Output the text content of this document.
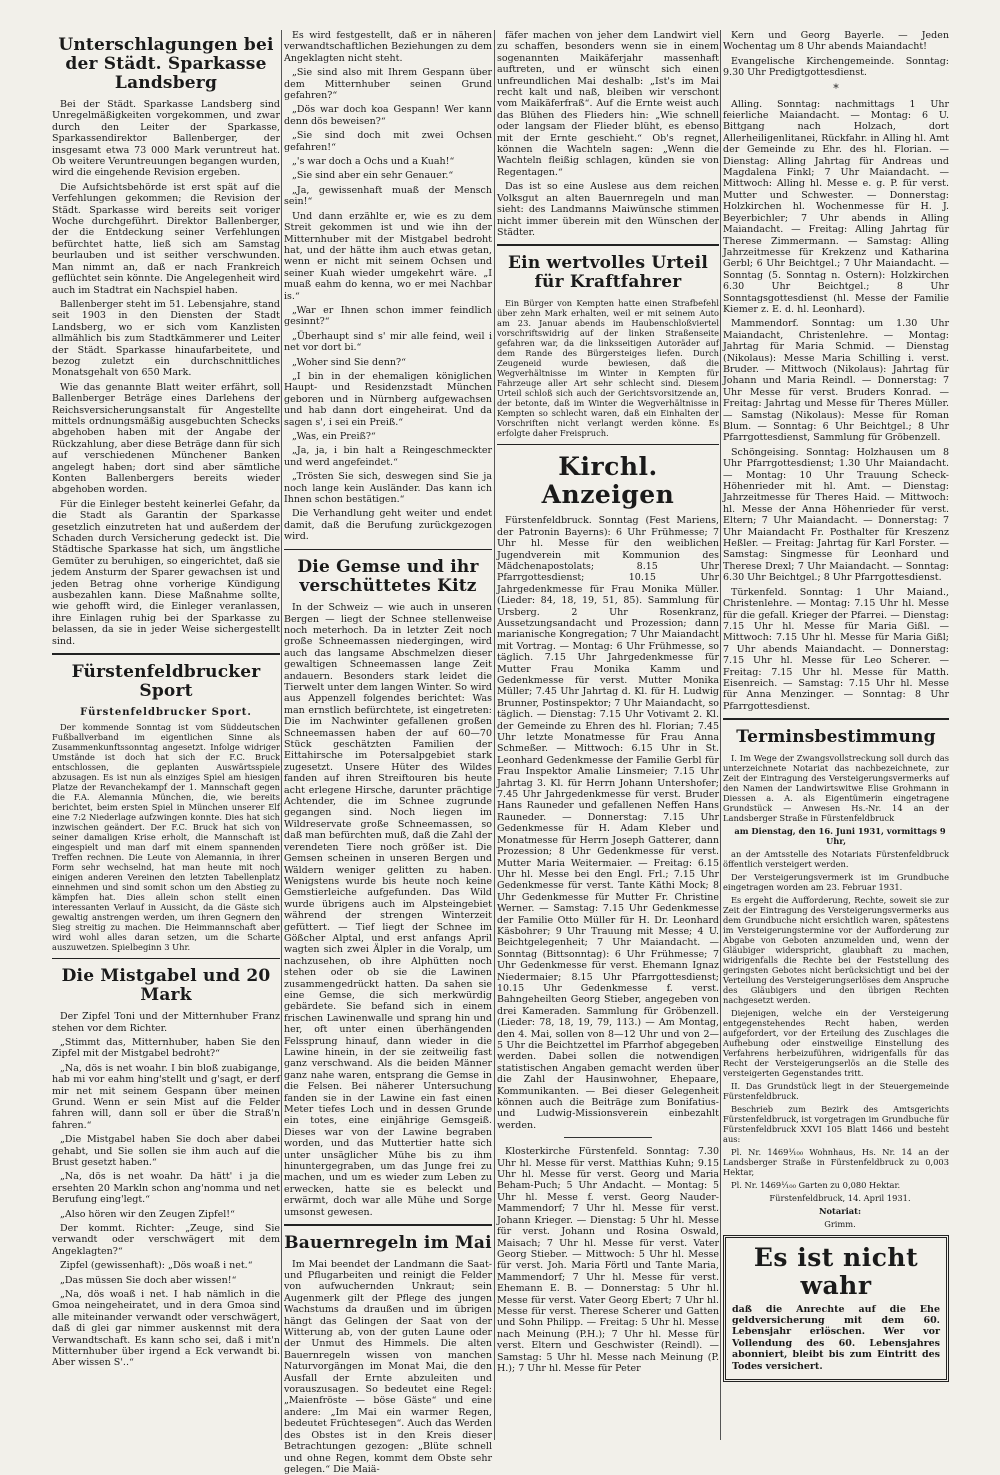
Unterschlagungen bei der Städt. Sparkasse Landsberg

Bei der Städt. Sparkasse Landsberg sind Unregelmäßigkeiten vorgekommen, und zwar durch den Leiter der Sparkasse, Sparkassendirektor Ballenberger, der insgesamt etwa 73 000 Mark veruntreut hat. Ob weitere Veruntreuungen begangen wurden, wird die eingehende Revision ergeben.

Die Aufsichtsbehörde ist erst spät auf die Verfehlungen gekommen; die Revision der Städt. Sparkasse wird bereits seit voriger Woche durchgeführt. Direktor Ballenberger, der die Entdeckung seiner Verfehlungen befürchtet hatte, ließ sich am Samstag beurlauben und ist seither verschwunden. Man nimmt an, daß er nach Frankreich geflüchtet sein könnte. Die Angelegenheit wird auch im Stadtrat ein Nachspiel haben.

Ballenberger steht im 51. Lebensjahre, stand seit 1903 in den Diensten der Stadt Landsberg, wo er sich vom Kanzlisten allmählich bis zum Stadtkämmerer und Leiter der Städt. Sparkasse hinaufarbeitete, und bezog zuletzt ein durchschnittliches Monatsgehalt von 650 Mark.

Wie das genannte Blatt weiter erfährt, soll Ballenberger Beträge eines Darlehens der Reichsversicherungsanstalt für Angestellte mittels ordnungsmäßig ausgebuchten Schecks abgehoben haben mit der Angabe der Rückzahlung, aber diese Beträge dann für sich auf verschiedenen Münchener Banken angelegt haben; dort sind aber sämtliche Konten Ballenbergers bereits wieder abgehoben worden.

Für die Einleger besteht keinerlei Gefahr, da die Stadt als Garantin der Sparkasse gesetzlich einzutreten hat und außerdem der Schaden durch Versicherung gedeckt ist. Die Städtische Sparkasse hat sich, um ängstliche Gemüter zu beruhigen, so eingerichtet, daß sie jedem Ansturm der Sparer gewachsen ist und jeden Betrag ohne vorherige Kündigung ausbezahlen kann. Diese Maßnahme sollte, wie gehofft wird, die Einleger veranlassen, ihre Einlagen ruhig bei der Sparkasse zu belassen, da sie in jeder Weise sichergestellt sind.

Fürstenfeldbrucker Sport
Fürstenfeldbrucker Sport.

Der kommende Sonntag ist vom Süddeutschen Fußballverband im eigentlichen Sinne als Zusammenkunftssonntag angesetzt. Infolge widriger Umstände ist doch hat sich der F.C. Bruck entschlossen, die geplanten Auswärtsspiele abzusagen. Es ist nun als einziges Spiel am hiesigen Platze der Revanchekampf der 1. Mannschaft gegen die F.A. Alemannia München, die, wie bereits berichtet, beim ersten Spiel in München unserer Elf eine 7:2 Niederlage aufzwingen konnte. Dies hat sich inzwischen geändert. Der F.C. Bruck hat sich von seiner damaligen Krise erholt, die Mannschaft ist eingespielt und man darf mit einem spannenden Treffen rechnen. Die Leute von Alemannia, in ihrer Form sehr wechselnd, hat man heute mit noch einigen anderen Vereinen den letzten Tabellenplatz einnehmen und sind somit schon um den Abstieg zu kämpfen hat. Dies allein schon stellt einen interessanten Verlauf in Aussicht, da die Gäste sich gewaltig anstrengen werden, um ihren Gegnern den Sieg streitig zu machen. Die Heimmannschaft aber wird wohl alles daran setzen, um die Scharte auszuwetzen. Spielbeginn 3 Uhr.

Die Mistgabel und 20 Mark

Der Zipfel Toni und der Mitternhuber Franz stehen vor dem Richter.

„Stimmt das, Mitternhuber, haben Sie den Zipfel mit der Mistgabel bedroht?“

„Na, dös is net woahr. I bin bloß zuabigange, hab mi vor eahm hing'stellt und g'sagt, er derf mir net mit seinem Gespann über meinen Grund. Wenn er sein Mist auf die Felder fahren will, dann soll er über die Straß'n fahren.“

„Die Mistgabel haben Sie doch aber dabei gehabt, und Sie sollen sie ihm auch auf die Brust gesetzt haben.“

„Na, dös is net woahr. Da hätt' i ja die ersehten 20 Markln schon ang'nomma und net Berufung eing'legt.“

„Also hören wir den Zeugen Zipfel!“

Der kommt. Richter: „Zeuge, sind Sie verwandt oder verschwägert mit dem Angeklagten?“

Zipfel (gewissenhaft): „Dös woaß i net.“

„Das müssen Sie doch aber wissen!“

„Na, dös woaß i net. I hab nämlich in die Gmoa neingeheiratet, und in dera Gmoa sind alle miteinander verwandt oder verschwägert, daß di glei gar nimmer auskennst mit dera Verwandtschaft. Es kann scho sei, daß i mit'n Mitternhuber über irgend a Eck verwandt bi. Aber wissen S'..“

Es wird festgestellt, daß er in näheren verwandtschaftlichen Beziehungen zu dem Angeklagten nicht steht.

„Sie sind also mit Ihrem Gespann über dem Mitternhuber seinen Grund gefahren?“

„Dös war doch koa Gespann! Wer kann denn dös beweisen?“

„Sie sind doch mit zwei Ochsen gefahren!“

„'s war doch a Ochs und a Kuah!“

„Sie sind aber ein sehr Genauer.“

„Ja, gewissenhaft muaß der Mensch sein!“

Und dann erzählte er, wie es zu dem Streit gekommen ist und wie ihn der Mitternhuber mit der Mistgabel bedroht hat, und der hätte ihm auch etwas getan, wenn er nicht mit seinem Ochsen und seiner Kuah wieder umgekehrt wäre. „I muaß eahm do kenna, wo er mei Nachbar is.“

„War er Ihnen schon immer feindlich gesinnt?“

„Überhaupt sind s' mir alle feind, weil i net vor dort bi.“

„Woher sind Sie denn?“

„I bin in der ehemaligen königlichen Haupt- und Residenzstadt München geboren und in Nürnberg aufgewachsen und hab dann dort eingeheirat. Und da sagen s', i sei ein Preiß.“

„Was, ein Preiß?“

„Ja, ja, i bin halt a Reingeschmeckter und werd angefeindet.“

„Trösten Sie sich, deswegen sind Sie ja noch lange kein Ausländer. Das kann ich Ihnen schon bestätigen.“

Die Verhandlung geht weiter und endet damit, daß die Berufung zurückgezogen wird.

Die Gemse und ihr verschüttetes Kitz

In der Schweiz — wie auch in unseren Bergen — liegt der Schnee stellenweise noch meterhoch. Da in letzter Zeit noch große Schneemassen niedergingen, wird auch das langsame Abschmelzen dieser gewaltigen Schneemassen lange Zeit andauern. Besonders stark leidet die Tierwelt unter dem langen Winter. So wird aus Appenzell folgendes berichtet: Was man ernstlich befürchtete, ist eingetreten: Die im Nachwinter gefallenen großen Schneemassen haben der auf 60—70 Stück geschätzten Familien der Eittahirsche im Potersalpgebiet stark zugesetzt. Unsere Hüter des Wildes fanden auf ihren Streiftouren bis heute acht erlegene Hirsche, darunter prächtige Achtender, die im Schnee zugrunde gegangen sind. Noch liegen im Wildreservate große Schneemassen, so daß man befürchten muß, daß die Zahl der verendeten Tiere noch größer ist. Die Gemsen scheinen in unseren Bergen und Wäldern weniger gelitten zu haben. Wenigstens wurde bis heute noch keine Gemstierleiche aufgefunden. Das Wild wurde übrigens auch im Alpsteingebiet während der strengen Winterzeit gefüttert. — Tief liegt der Schnee im Gößcher Alptal, und erst anfangs April wagten sich zwei Älpler in die Voralp, um nachzusehen, ob ihre Alphütten noch stehen oder ob sie die Lawinen zusammengedrückt hatten. Da sahen sie eine Gemse, die sich merkwürdig gebärdete. Sie befand sich in einem frischen Lawinenwalle und sprang hin und her, oft unter einen überhängenden Felssprung hinauf, dann wieder in die Lawine hinein, in der sie zeitweilig fast ganz verschwand. Als die beiden Männer ganz nahe waren, entsprang die Gemse in die Felsen. Bei näherer Untersuchung fanden sie in der Lawine ein fast einen Meter tiefes Loch und in dessen Grunde ein totes, eine einjährige Gemsgeiß. Dieses war von der Lawine begraben worden, und das Muttertier hatte sich unter unsäglicher Mühe bis zu ihm hinuntergegraben, um das Junge frei zu machen, und um es wieder zum Leben zu erwecken, hatte sie es beleckt und erwärmt, doch war alle Mühe und Sorge umsonst gewesen.

Bauernregeln im Mai

Im Mai beendet der Landmann die Saat- und Pflugarbeiten und reinigt die Felder von aufwuchernden Unkraut; sein Augenmerk gilt der Pflege des jungen Wachstums da draußen und im übrigen hängt das Gelingen der Saat von der Witterung ab, von der guten Laune oder der Unmut des Himmels. Die alten Bauernregeln wissen von manchen Naturvorgängen im Monat Mai, die den Ausfall der Ernte abzuleiten und vorauszusagen. So bedeutet eine Regel: „Maienfröste — böse Gäste“ und eine andere: „Im Mai ein warmer Regen, bedeutet Früchtesegen“. Auch das Werden des Obstes ist in den Kreis dieser Betrachtungen gezogen: „Blüte schnell und ohne Regen, kommt dem Obste sehr gelegen.“ Die Maiä-

fäfer machen von jeher dem Landwirt viel zu schaffen, besonders wenn sie in einem sogenannten Maikäferjahr massenhaft auftreten, und er wünscht sich einen unfreundlichen Mai deshalb: „Ist's im Mai recht kalt und naß, bleiben wir verschont vom Maikäferfraß“. Auf die Ernte weist auch das Blühen des Flieders hin: „Wie schnell oder langsam der Flieder blüht, es ebenso mit der Ernte geschieht.“ Ob's regnet, können die Wachteln sagen: „Wenn die Wachteln fleißig schlagen, künden sie von Regentagen.“

Das ist so eine Auslese aus dem reichen Volksgut an alten Bauernregeln und man sieht: des Landmanns Maiwünsche stimmen nicht immer überein mit den Wünschen der Städter.

Ein wertvolles Urteil für Kraftfahrer

Ein Bürger von Kempten hatte einen Strafbefehl über zehn Mark erhalten, weil er mit seinem Auto am 23. Januar abends im Haubenschloßviertel vorschriftswidrig auf der linken Straßenseite gefahren war, da die linksseitigen Autoräder auf dem Rande des Bürgersteiges liefen. Durch Zeugeneid wurde bewiesen, daß die Wegverhältnisse im Winter in Kempten für Fahrzeuge aller Art sehr schlecht sind. Diesem Urteil schloß sich auch der Gerichtsvorsitzende an, der betonte, daß im Winter die Wegverhältnisse in Kempten so schlecht waren, daß ein Einhalten der Vorschriften nicht verlangt werden könne. Es erfolgte daher Freispruch.

Kirchl. Anzeigen

Fürstenfeldbruck. Sonntag (Fest Mariens, der Patronin Bayerns): 6 Uhr Frühmesse; 7 Uhr hl. Messe für den weiblichen Jugendverein mit Kommunion des Mädchenapostolats; 8.15 Uhr Pfarrgottesdienst; 10.15 Uhr Jahrgedenkmesse für Frau Monika Müller. (Lieder: 84, 18, 19, 51, 85). Sammlung für Ursberg. 2 Uhr Rosenkranz, Aussetzungsandacht und Prozession; dann marianische Kongregation; 7 Uhr Maiandacht mit Vortrag. — Montag: 6 Uhr Frühmesse, so täglich. 7.15 Uhr Jahrgedenkmesse für Mutter Frau Monika Kamm und Gedenkmesse für verst. Mutter Monika Müller; 7.45 Uhr Jahrtag d. Kl. für H. Ludwig Brunner, Postinspektor; 7 Uhr Maiandacht, so täglich. — Dienstag: 7.15 Uhr Votivamt 2. Kl. der Gemeinde zu Ehren des hl. Florian; 7.45 Uhr letzte Monatmesse für Frau Anna Schmeßer. — Mittwoch: 6.15 Uhr in St. Leonhard Gedenkmesse der Familie Gerbl für Frau Inspektor Amalie Linsmeier; 7.15 Uhr Jahrtag 3. Kl. für Herrn Johann Untershofer; 7.45 Uhr Jahrgedenkmesse für verst. Bruder Hans Rauneder und gefallenen Neffen Hans Rauneder. — Donnerstag: 7.15 Uhr Gedenkmesse für H. Adam Kleber und Monatmesse für Herrn Joseph Gatterer, dann Prozession; 8 Uhr Gedenkmesse für verst. Mutter Maria Weitermaier. — Freitag: 6.15 Uhr hl. Messe bei den Engl. Frl.; 7.15 Uhr Gedenkmesse für verst. Tante Käthi Mock; 8 Uhr Gedenkmesse für Mutter Fr. Christine Werner. — Samstag: 7.15 Uhr Gedenkmesse der Familie Otto Müller für H. Dr. Leonhard Käsbohrer; 9 Uhr Trauung mit Messe; 4 U. Beichtgelegenheit; 7 Uhr Maiandacht. — Sonntag (Bittsonntag): 6 Uhr Frühmesse; 7 Uhr Gedenkmesse für verst. Ehemann Ignaz Niedermaier; 8.15 Uhr Pfarrgottesdienst; 10.15 Uhr Gedenkmesse f. verst. Bahngeheilten Georg Stieber, angegeben von drei Kameraden. Sammlung für Gröbenzell. (Lieder: 78, 18, 19, 79, 113.) — Am Montag, den 4. Mai, sollen von 8—12 Uhr und von 2—5 Uhr die Beichtzettel im Pfarrhof abgegeben werden. Dabei sollen die notwendigen statistischen Angaben gemacht werden über die Zahl der Hausinwohner, Ehepaare, Kommunikanten. — Bei dieser Gelegenheit können auch die Beiträge zum Bonifatius- und Ludwig-Missionsverein einbezahlt werden.

Klosterkirche Fürstenfeld. Sonntag: 7.30 Uhr hl. Messe für verst. Matthias Kuhn; 9.15 Uhr hl. Messe für verst. Georg und Maria Beham-Puch; 5 Uhr Andacht. — Montag: 5 Uhr hl. Messe f. verst. Georg Nauder-Mammendorf; 7 Uhr hl. Messe für verst. Johann Krieger. — Dienstag: 5 Uhr hl. Messe für verst. Johann und Rosina Oswald, Maisach; 7 Uhr hl. Messe für verst. Vater Georg Stieber. — Mittwoch: 5 Uhr hl. Messe für verst. Joh. Maria Förtl und Tante Maria, Mammendorf; 7 Uhr hl. Messe für verst. Ehemann E. B. — Donnerstag: 5 Uhr hl. Messe für verst. Vater Georg Ebert; 7 Uhr hl. Messe für verst. Therese Scherer und Gatten und Sohn Philipp. — Freitag: 5 Uhr hl. Messe nach Meinung (P.H.); 7 Uhr hl. Messe für verst. Eltern und Geschwister (Reindl). — Samstag: 5 Uhr hl. Messe nach Meinung (P. H.); 7 Uhr hl. Messe für Peter

Kern und Georg Bayerle. — Jeden Wochentag um 8 Uhr abends Maiandacht!

Evangelische Kirchengemeinde. Sonntag: 9.30 Uhr Predigtgottesdienst.

*

Alling. Sonntag: nachmittags 1 Uhr feierliche Maiandacht. — Montag: 6 U. Bittgang nach Holzach, dort Allerheiligenlitanei, Rückfahr. in Alling hl. Amt der Gemeinde zu Ehr. des hl. Florian. — Dienstag: Alling Jahrtag für Andreas und Magdalena Finkl; 7 Uhr Maiandacht. — Mittwoch: Alling hl. Messe e. g. P. für verst. Mutter und Schwester. — Donnerstag: Holzkirchen hl. Wochenmesse für H. J. Beyerbichler; 7 Uhr abends in Alling Maiandacht. — Freitag: Alling Jahrtag für Therese Zimmermann. — Samstag: Alling Jahrzeitmesse für Krekzenz und Katharina Gerbl; 6 Uhr Beichtgel.; 7 Uhr Maiandacht. — Sonntag (5. Sonntag n. Ostern): Holzkirchen 6.30 Uhr Beichtgel.; 8 Uhr Sonntagsgottesdienst (hl. Messe der Familie Kiemer z. E. d. hl. Leonhard).

Mammendorf. Sonntag: um 1.30 Uhr Maiandacht, Christenlehre. — Montag: Jahrtag für Maria Schmid. — Dienstag (Nikolaus): Messe Maria Schilling i. verst. Bruder. — Mittwoch (Nikolaus): Jahrtag für Johann und Maria Reindl. — Donnerstag: 7 Uhr Messe für verst. Bruders Konrad. — Freitag: Jahrtag und Messe für Theres Müller. — Samstag (Nikolaus): Messe für Roman Blum. — Sonntag: 6 Uhr Beichtgel.; 8 Uhr Pfarrgottesdienst, Sammlung für Gröbenzell.

Schöngeising. Sonntag: Holzhausen um 8 Uhr Pfarrgottesdienst; 1.30 Uhr Maiandacht. — Montag: 10 Uhr Trauung Scheck-Höhenrieder mit hl. Amt. — Dienstag: Jahrzeitmesse für Theres Haid. — Mittwoch: hl. Messe der Anna Höhenrieder für verst. Eltern; 7 Uhr Maiandacht. — Donnerstag: 7 Uhr Maiandacht Fr. Posthalter für Kreszenz Heßler. — Freitag: Jahrtag für Karl Forster. — Samstag: Singmesse für Leonhard und Therese Drexl; 7 Uhr Maiandacht. — Sonntag: 6.30 Uhr Beichtgel.; 8 Uhr Pfarrgottesdienst.

Türkenfeld. Sonntag: 1 Uhr Maiand., Christenlehre. — Montag: 7.15 Uhr hl. Messe für die gefall. Krieger der Pfarrei. — Dienstag: 7.15 Uhr hl. Messe für Maria Gißl. — Mittwoch: 7.15 Uhr hl. Messe für Maria Gißl; 7 Uhr abends Maiandacht. — Donnerstag: 7.15 Uhr hl. Messe für Leo Scherer. — Freitag: 7.15 Uhr hl. Messe für Matth. Eisenreich. — Samstag: 7.15 Uhr hl. Messe für Anna Menzinger. — Sonntag: 8 Uhr Pfarrgottesdienst.

Terminsbestimmung

I. Im Wege der Zwangsvollstreckung soll durch das unterzeichnete Notariat das nachbezeichnete, zur Zeit der Eintragung des Versteigerungsvermerks auf den Namen der Landwirtswitwe Elise Grohmann in Diessen a. A. als Eigentümerin eingetragene Grundstück — Anwesen Hs.-Nr. 14 an der Landsberger Straße in Fürstenfeldbruck

am Dienstag, den 16. Juni 1931, vormittags 9 Uhr,

an der Amtsstelle des Notariats Fürstenfeldbruck öffentlich versteigert werden.

Der Versteigerungsvermerk ist im Grundbuche eingetragen worden am 23. Februar 1931.

Es ergeht die Aufforderung, Rechte, soweit sie zur Zeit der Eintragung des Versteigerungsvermerks aus dem Grundbuche nicht ersichtlich waren, spätestens im Versteigerungstermine vor der Aufforderung zur Abgabe von Geboten anzumelden und, wenn der Gläubiger widerspricht, glaubhaft zu machen, widrigenfalls die Rechte bei der Feststellung des geringsten Gebotes nicht berücksichtigt und bei der Verteilung des Versteigerungserlöses dem Anspruche des Gläubigers und den übrigen Rechten nachgesetzt werden.

Diejenigen, welche ein der Versteigerung entgegenstehendes Recht haben, werden aufgefordert, vor der Erteilung des Zuschlages die Aufhebung oder einstweilige Einstellung des Verfahrens herbeizuführen, widrigenfalls für das Recht der Versteigerungserlös an die Stelle des versteigerten Gegenstandes tritt.

II. Das Grundstück liegt in der Steuergemeinde Fürstenfeldbruck.

Beschrieb zum Bezirk des Amtsgerichts Fürstenfeldbruck, ist vorgetragen im Grundbuche für Fürstenfeldbruck XXVI 105 Blatt 1466 und besteht aus:

Pl. Nr. 1469¹⁄₁₀₀ Wohnhaus, Hs. Nr. 14 an der Landsberger Straße in Fürstenfeldbruck zu 0,003 Hektar,

Pl. Nr. 1469¹⁄₁₀₀ Garten zu 0,080 Hektar.

Fürstenfeldbruck, 14. April 1931.

Notariat:

Grimm.

Es ist nicht wahr

daß die Anrechte auf die Ehe geldversicherung mit dem 60. Lebensjahr erlöschen. Wer vor Vollendung des 60. Lebensjahres abonniert, bleibt bis zum Eintritt des Todes versichert.
